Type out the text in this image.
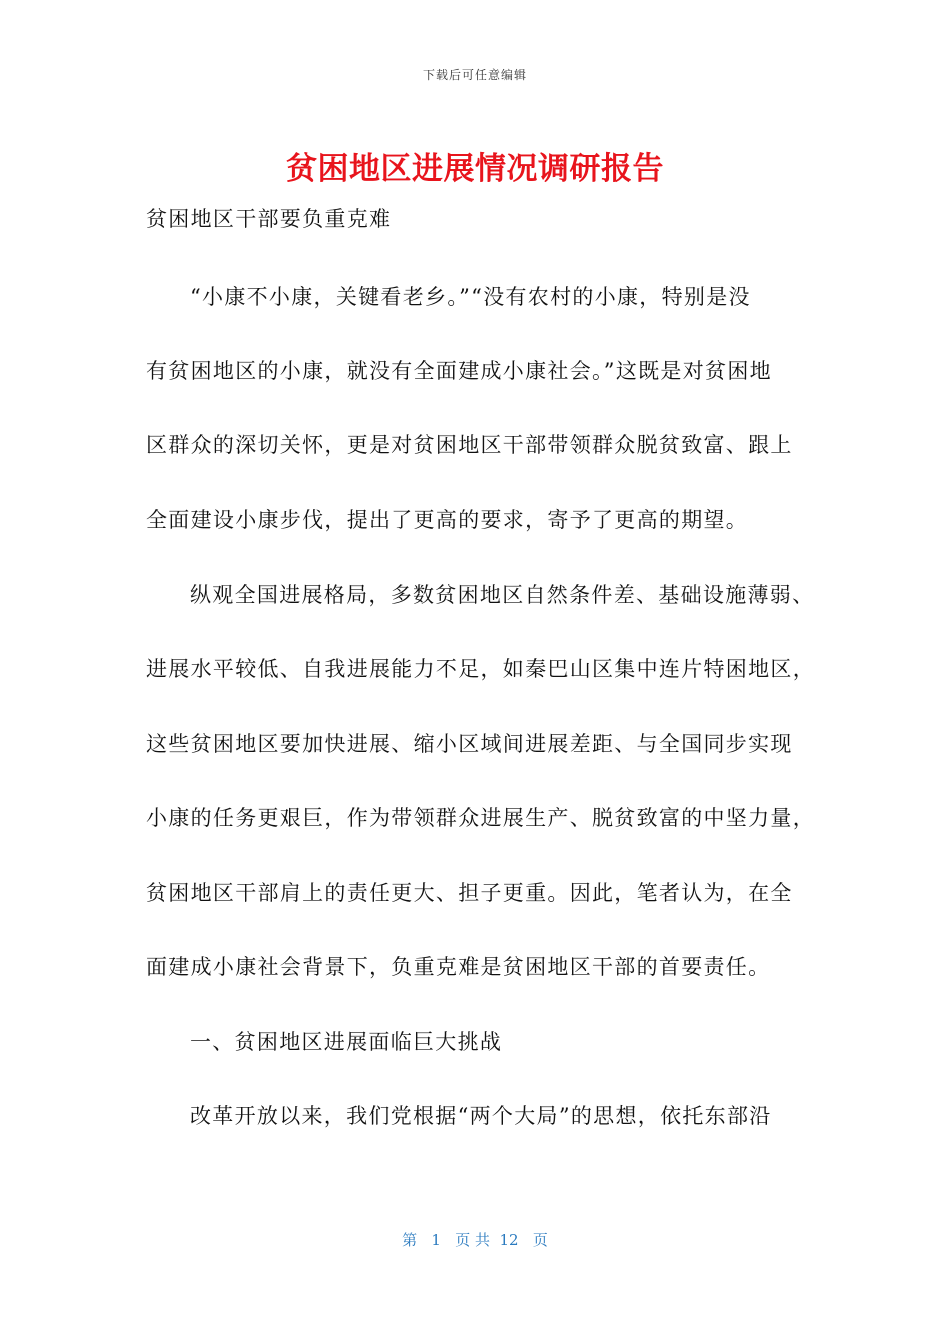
下载后可任意编辑
贫困地区进展情况调研报告
贫困地区干部要负重克难
“小康不小康，关键看老乡。”“没有农村的小康，特别是没
有贫困地区的小康，就没有全面建成小康社会。”这既是对贫困地
区群众的深切关怀，更是对贫困地区干部带领群众脱贫致富、跟上
全面建设小康步伐，提出了更高的要求，寄予了更高的期望。
纵观全国进展格局，多数贫困地区自然条件差、基础设施薄弱、
进展水平较低、自我进展能力不足，如秦巴山区集中连片特困地区，
这些贫困地区要加快进展、缩小区域间进展差距、与全国同步实现
小康的任务更艰巨，作为带领群众进展生产、脱贫致富的中坚力量，
贫困地区干部肩上的责任更大、担子更重。因此，笔者认为，在全
面建成小康社会背景下，负重克难是贫困地区干部的首要责任。
一、贫困地区进展面临巨大挑战
改革开放以来，我们党根据“两个大局”的思想，依托东部沿
第   1   页 共  12   页
